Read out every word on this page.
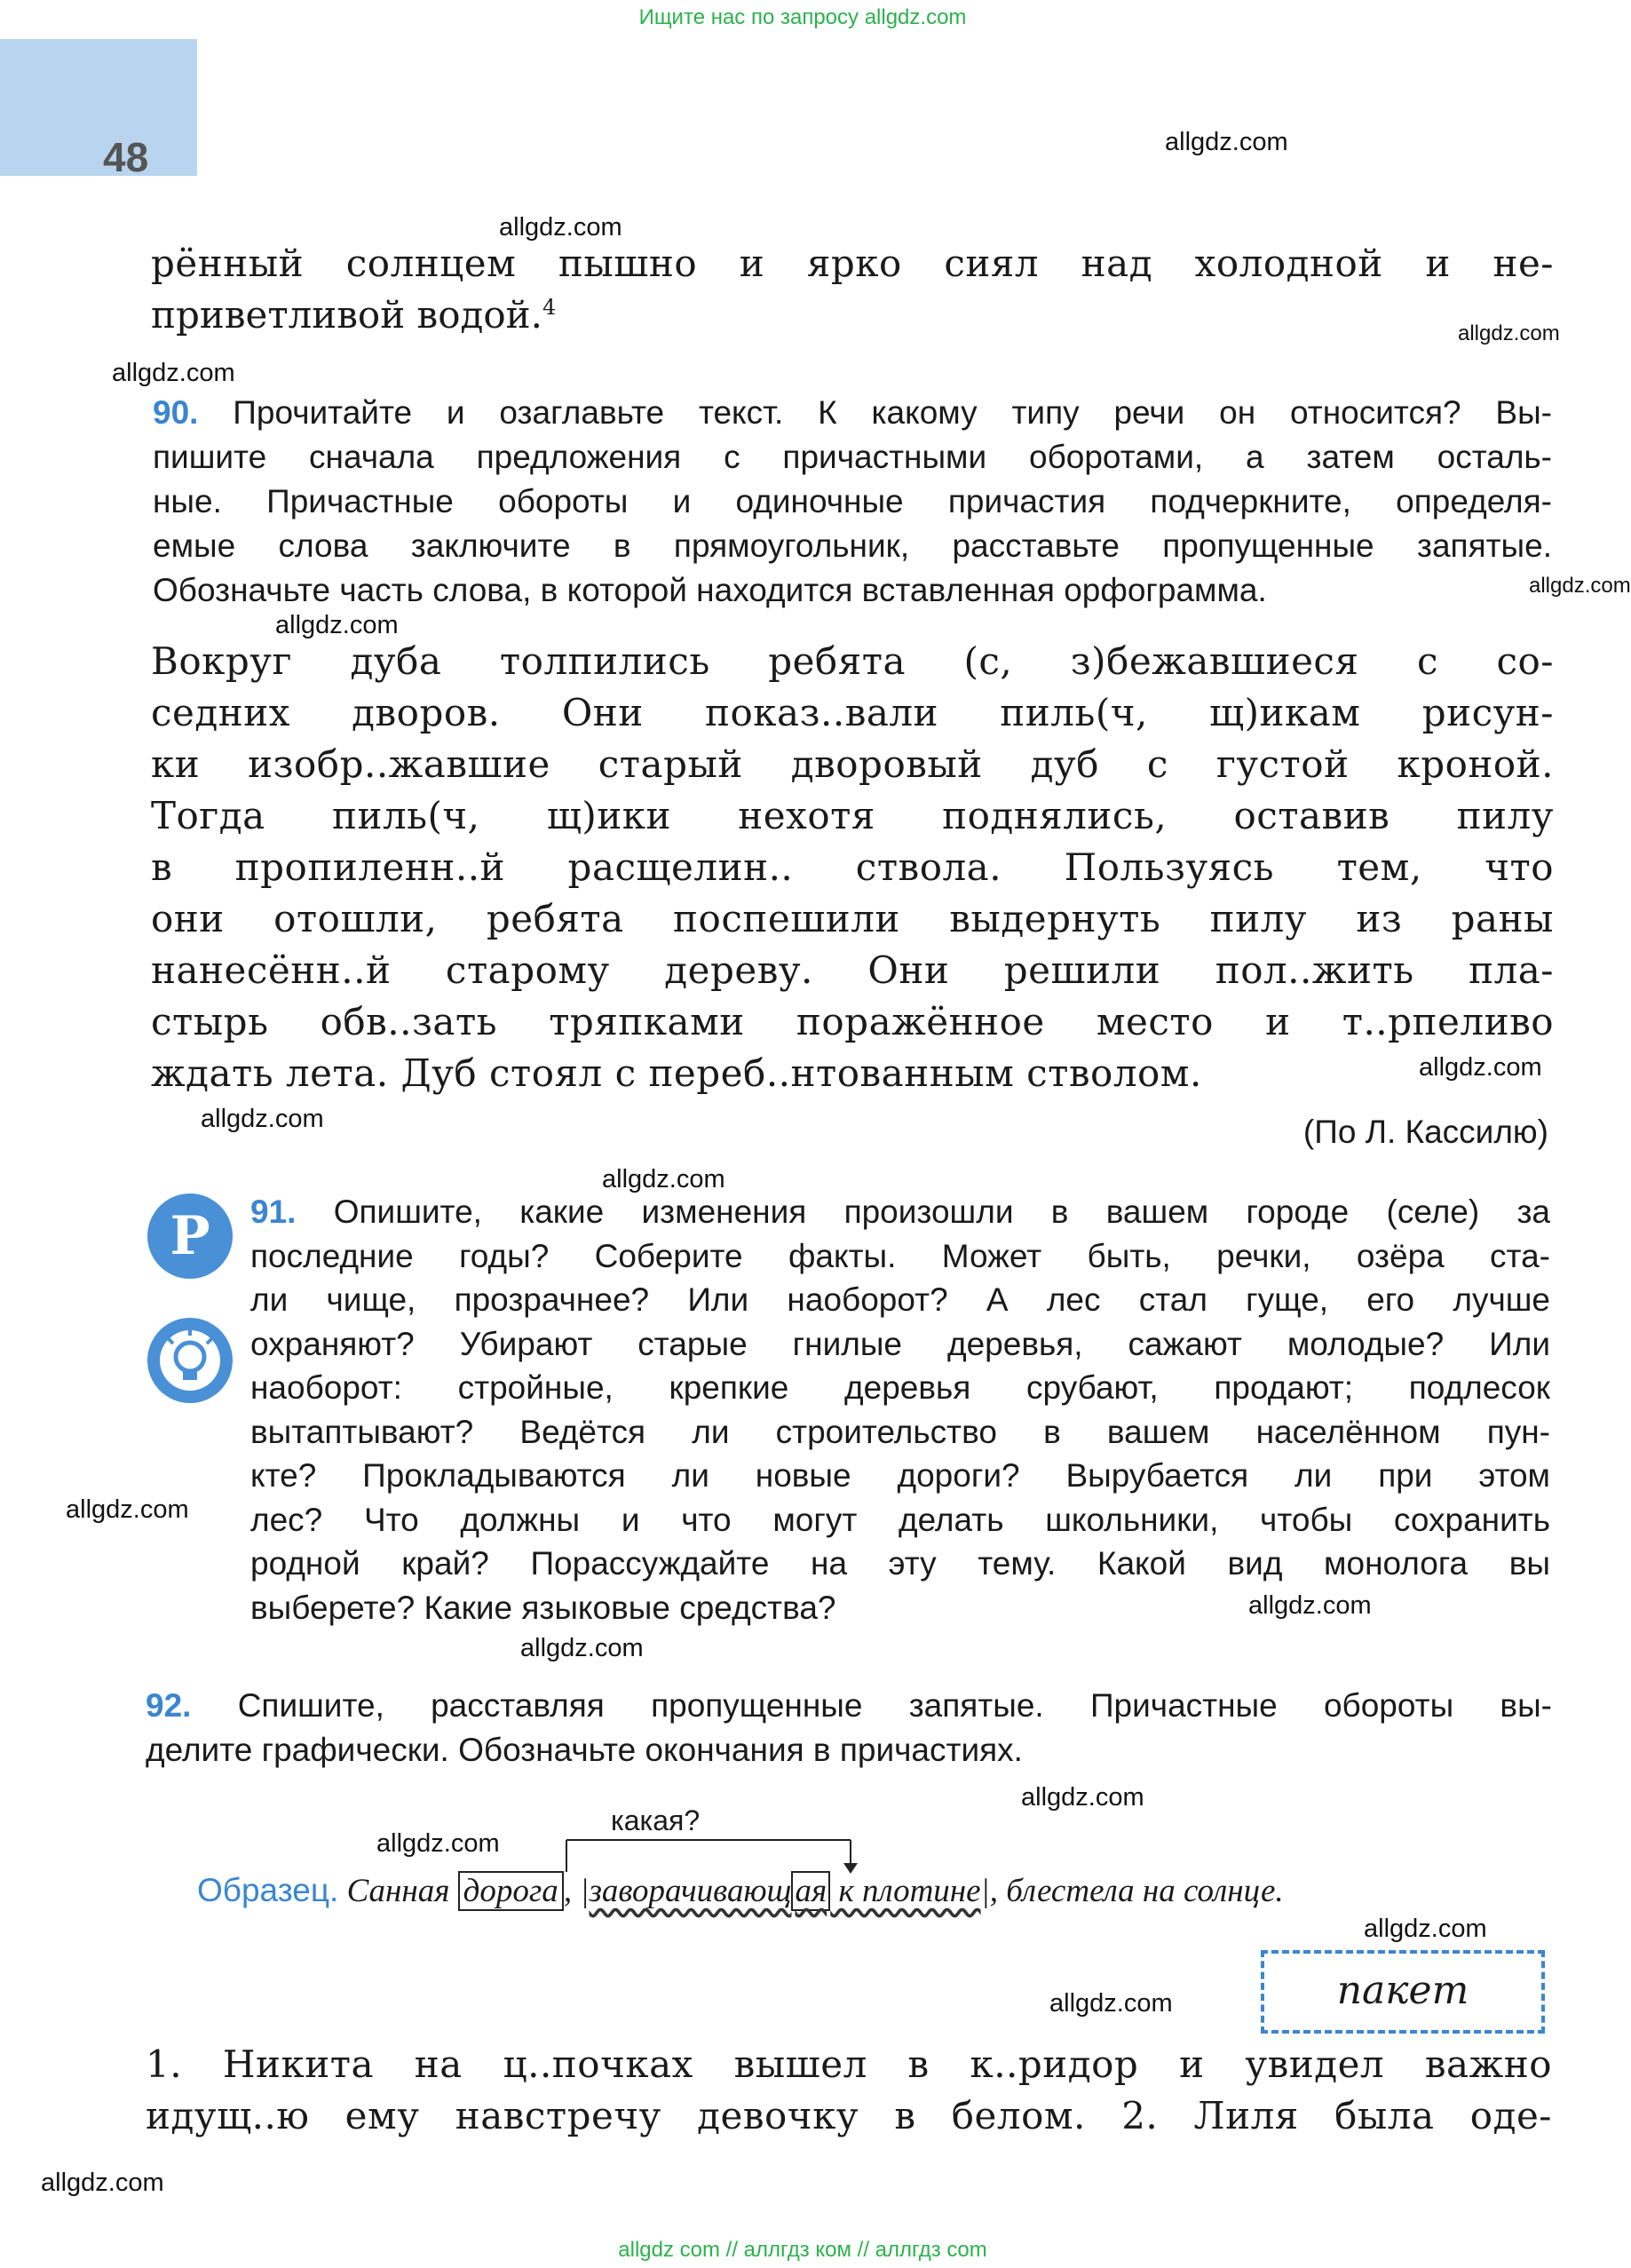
Ищите нас по запросу allgdz.com
48	allgdz.com
allgdz.com
allgdz.com
allgdz.com
allgdz.com
allgdz.com
allgdz.com
allgdz.com
allgdz.com
allgdz.com
allgdz.com
allgdz.com
allgdz.com
allgdz.com
allgdz.com
allgdz.com
allgdz.com
рённый солнцем пышно и ярко сиял над холодной и не-
приветливой водой.$^4$
90. Прочитайте и озаглавьте текст. К какому типу речи он относится? Вы-
пишите сначала предложения с причастными оборотами, а затем осталь-
ные. Причастные обороты и одиночные причастия подчеркните, определя-
емые слова заключите в прямоугольник, расставьте пропущенные запятые.
Обозначьте часть слова, в которой находится вставленная орфограмма.
Вокруг дуба толпились ребята (с, з)бежавшиеся с со-
седних дворов. Они показ..вали пиль(ч, щ)икам рисун-
ки изобр..жавшие старый дворовый дуб с густой кроной.
Тогда пиль(ч, щ)ики нехотя поднялись, оставив пилу
в пропиленн..й расщелин.. ствола. Пользуясь тем, что
они отошли, ребята поспешили выдернуть пилу из раны
нанесённ..й старому дереву. Они решили пол..жить пла-
стырь обв..зать тряпками поражённое место и т..рпеливо
ждать лета. Дуб стоял с переб..нтованным стволом.
(По Л. Кассилю)
Р	91. Опишите, какие изменения произошли в вашем городе (селе) за
последние годы? Соберите факты. Может быть, речки, озёра ста-
ли чище, прозрачнее? Или наоборот? А лес стал гуще, его лучше
охраняют? Убирают старые гнилые деревья, сажают молодые? Или
наоборот: стройные, крепкие деревья срубают, продают; подлесок
вытаптывают? Ведётся ли строительство в вашем населённом пун-
кте? Прокладываются ли новые дороги? Вырубается ли при этом
лес? Что должны и что могут делать школьники, чтобы сохранить
родной край? Порассуждайте на эту тему. Какой вид монолога вы
выберете? Какие языковые средства?
92. Спишите, расставляя пропущенные запятые. Причастные обороты вы-
делите графически. Обозначьте окончания в причастиях.
какая?
Образец. Санная дорога , |заворачивающ ая к плотине|, блестела на солнце.
пакет
1. Никита на ц..почках вышел в к..ридор и увидел важно
идущ..ю ему навстречу девочку в белом. 2. Лиля была оде-
allgdz com // аллгдз ком // аллгдз com
